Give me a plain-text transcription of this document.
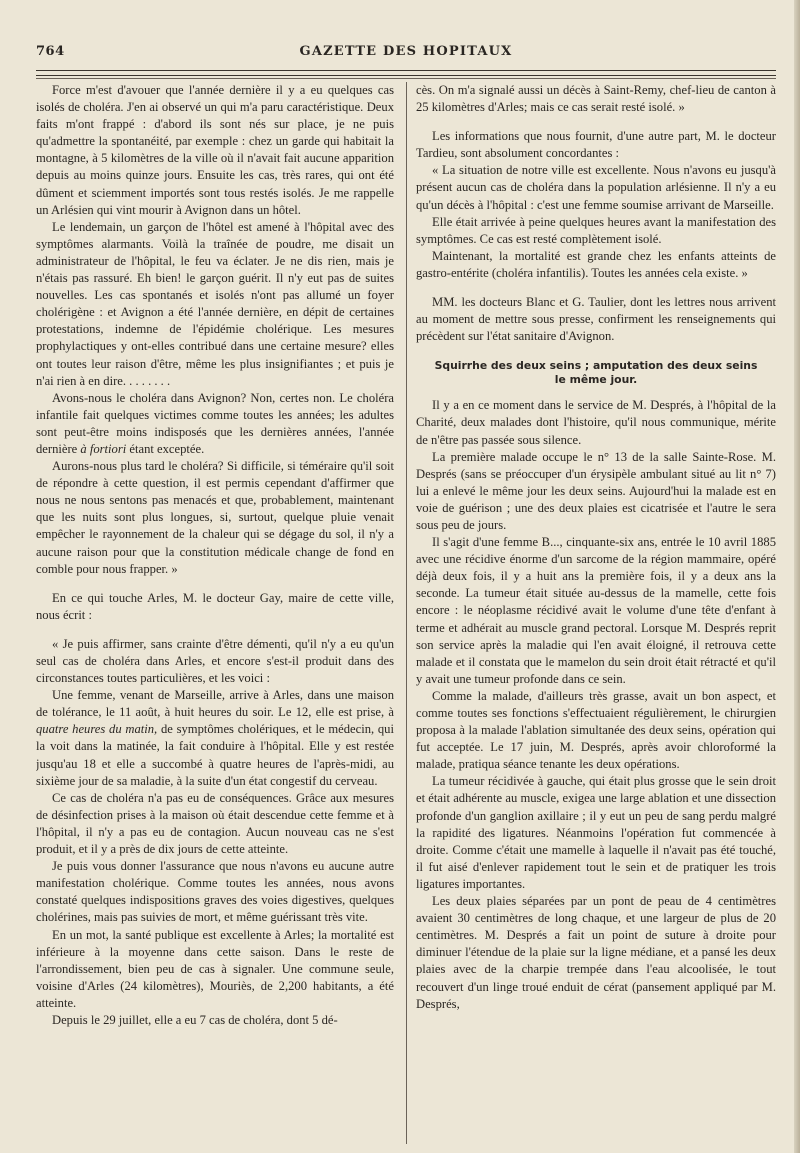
764	GAZETTE DES HOPITAUX

Force m'est d'avouer que l'année dernière il y a eu quelques cas isolés de choléra. J'en ai observé un qui m'a paru caractéristique. Deux faits m'ont frappé : d'abord ils sont nés sur place, je ne puis qu'admettre la spontanéité, par exemple : chez un garde qui habitait la montagne, à 5 kilomètres de la ville où il n'avait fait aucune apparition depuis au moins quinze jours. Ensuite les cas, très rares, qui ont été dûment et sciemment importés sont tous restés isolés. Je me rappelle un Arlésien qui vint mourir à Avignon dans un hôtel.

Le lendemain, un garçon de l'hôtel est amené à l'hôpital avec des symptômes alarmants. Voilà la traînée de poudre, me disait un administrateur de l'hôpital, le feu va éclater. Je ne dis rien, mais je n'étais pas rassuré. Eh bien! le garçon guérit. Il n'y eut pas de suites nouvelles. Les cas spontanés et isolés n'ont pas allumé un foyer cholérigène : et Avignon a été l'année dernière, en dépit de certaines protestations, indemne de l'épidémie cholérique. Les mesures prophylactiques y ont-elles contribué dans une certaine mesure? elles ont toutes leur raison d'être, même les plus insignifiantes ; et puis je n'ai rien à en dire. . . . . . . .

Avons-nous le choléra dans Avignon? Non, certes non. Le choléra infantile fait quelques victimes comme toutes les années; les adultes sont peut-être moins indisposés que les dernières années, l'année dernière à fortiori étant exceptée.

Aurons-nous plus tard le choléra? Si difficile, si téméraire qu'il soit de répondre à cette question, il est permis cependant d'affirmer que nous ne nous sentons pas menacés et que, probablement, maintenant que les nuits sont plus longues, si, surtout, quelque pluie venait empêcher le rayonnement de la chaleur qui se dégage du sol, il n'y a aucune raison pour que la constitution médicale change de fond en comble pour nous frapper. »

En ce qui touche Arles, M. le docteur Gay, maire de cette ville, nous écrit :

« Je puis affirmer, sans crainte d'être démenti, qu'il n'y a eu qu'un seul cas de choléra dans Arles, et encore s'est-il produit dans des circonstances toutes particulières, et les voici :

Une femme, venant de Marseille, arrive à Arles, dans une maison de tolérance, le 11 août, à huit heures du soir. Le 12, elle est prise, à quatre heures du matin, de symptômes cholériques, et le médecin, qui la voit dans la matinée, la fait conduire à l'hôpital. Elle y est restée jusqu'au 18 et elle a succombé à quatre heures de l'après-midi, au sixième jour de sa maladie, à la suite d'un état congestif du cerveau.

Ce cas de choléra n'a pas eu de conséquences. Grâce aux mesures de désinfection prises à la maison où était descendue cette femme et à l'hôpital, il n'y a pas eu de contagion. Aucun nouveau cas ne s'est produit, et il y a près de dix jours de cette atteinte.

Je puis vous donner l'assurance que nous n'avons eu aucune autre manifestation cholérique. Comme toutes les années, nous avons constaté quelques indispositions graves des voies digestives, quelques cholérines, mais pas suivies de mort, et même guérissant très vite.

En un mot, la santé publique est excellente à Arles; la mortalité est inférieure à la moyenne dans cette saison. Dans le reste de l'arrondissement, bien peu de cas à signaler. Une commune seule, voisine d'Arles (24 kilomètres), Mouriès, de 2,200 habitants, a été atteinte.

Depuis le 29 juillet, elle a eu 7 cas de choléra, dont 5 dé-

cès. On m'a signalé aussi un décès à Saint-Remy, chef-lieu de canton à 25 kilomètres d'Arles; mais ce cas serait resté isolé. »

Les informations que nous fournit, d'une autre part, M. le docteur Tardieu, sont absolument concordantes :

« La situation de notre ville est excellente. Nous n'avons eu jusqu'à présent aucun cas de choléra dans la population arlésienne. Il n'y a eu qu'un décès à l'hôpital : c'est une femme soumise arrivant de Marseille.

Elle était arrivée à peine quelques heures avant la manifestation des symptômes. Ce cas est resté complètement isolé.

Maintenant, la mortalité est grande chez les enfants atteints de gastro-entérite (choléra infantilis). Toutes les années cela existe. »

MM. les docteurs Blanc et G. Taulier, dont les lettres nous arrivent au moment de mettre sous presse, confirment les renseignements qui précèdent sur l'état sanitaire d'Avignon.

Squirrhe des deux seins ; amputation des deux seins
le même jour.

Il y a en ce moment dans le service de M. Després, à l'hôpital de la Charité, deux malades dont l'histoire, qu'il nous communique, mérite de n'être pas passée sous silence.

La première malade occupe le n° 13 de la salle Sainte-Rose. M. Després (sans se préoccuper d'un érysipèle ambulant situé au lit n° 7) lui a enlevé le même jour les deux seins. Aujourd'hui la malade est en voie de guérison ; une des deux plaies est cicatrisée et l'autre le sera sous peu de jours.

Il s'agit d'une femme B..., cinquante-six ans, entrée le 10 avril 1885 avec une récidive énorme d'un sarcome de la région mammaire, opéré déjà deux fois, il y a huit ans la première fois, il y a deux ans la seconde. La tumeur était située au-dessus de la mamelle, cette fois encore : le néoplasme récidivé avait le volume d'une tête d'enfant à terme et adhérait au muscle grand pectoral. Lorsque M. Després reprit son service après la maladie qui l'en avait éloigné, il retrouva cette malade et il constata que le mamelon du sein droit était rétracté et qu'il y avait une tumeur profonde dans ce sein.

Comme la malade, d'ailleurs très grasse, avait un bon aspect, et comme toutes ses fonctions s'effectuaient régulièrement, le chirurgien proposa à la malade l'ablation simultanée des deux seins, opération qui fut acceptée. Le 17 juin, M. Després, après avoir chloroformé la malade, pratiqua séance tenante les deux opérations.

La tumeur récidivée à gauche, qui était plus grosse que le sein droit et était adhérente au muscle, exigea une large ablation et une dissection profonde d'un ganglion axillaire ; il y eut un peu de sang perdu malgré la rapidité des ligatures. Néanmoins l'opération fut commencée à droite. Comme c'était une mamelle à laquelle il n'avait pas été touché, il fut aisé d'enlever rapidement tout le sein et de pratiquer les trois ligatures importantes.

Les deux plaies séparées par un pont de peau de 4 centimètres avaient 30 centimètres de long chaque, et une largeur de plus de 20 centimètres. M. Després a fait un point de suture à droite pour diminuer l'étendue de la plaie sur la ligne médiane, et a pansé les deux plaies avec de la charpie trempée dans l'eau alcoolisée, le tout recouvert d'un linge troué enduit de cérat (pansement appliqué par M. Després,
